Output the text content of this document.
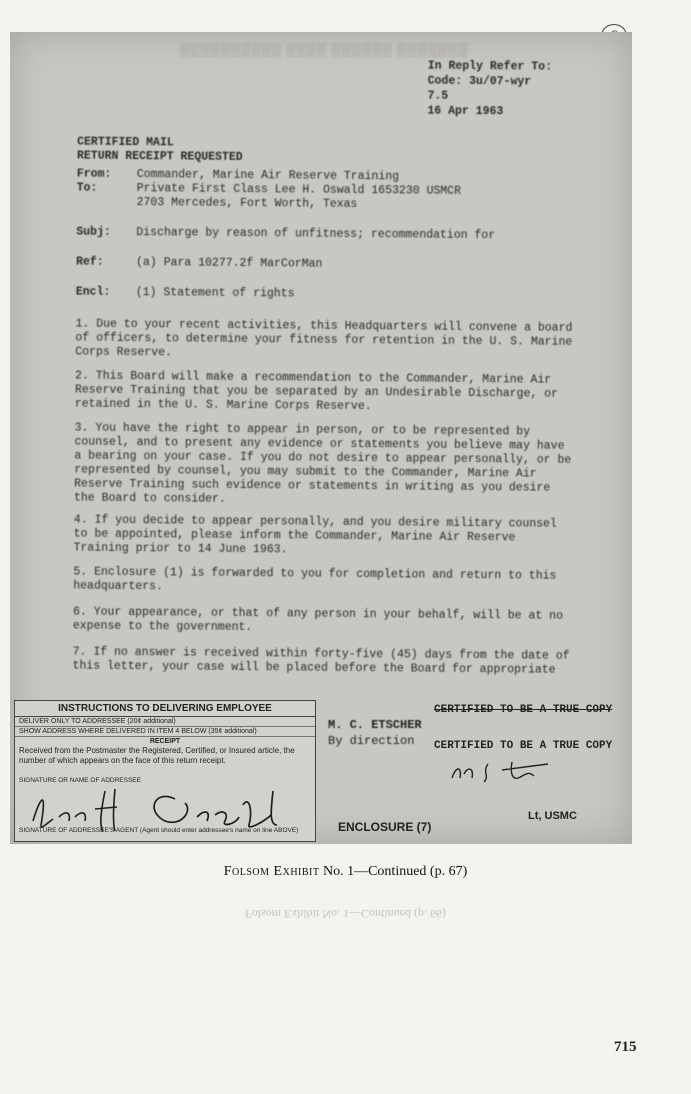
▒▒▒▒▒▒▒▒▒▒ ▒▒▒▒ ▒▒▒▒▒▒ ▒▒▒▒▒▒▒
In Reply Refer To:
Code: 3u/07-wyr
7.5
16 Apr 1963
CERTIFIED MAIL
RETURN RECEIPT REQUESTED
From:	Commander, Marine Air Reserve Training
To:	Private First Class Lee H. Oswald 1653230 USMCR
2703 Mercedes, Fort Worth, Texas
Subj:	Discharge by reason of unfitness; recommendation for
Ref:	(a) Para 10277.2f MarCorMan
Encl:	(1) Statement of rights
1. Due to your recent activities, this Headquarters will convene a board of officers, to determine your fitness for retention in the U. S. Marine Corps Reserve.
2. This Board will make a recommendation to the Commander, Marine Air Reserve Training that you be separated by an Undesirable Discharge, or retained in the U. S. Marine Corps Reserve.
3. You have the right to appear in person, or to be represented by counsel, and to present any evidence or statements you believe may have a bearing on your case. If you do not desire to appear personally, or be represented by counsel, you may submit to the Commander, Marine Air Reserve Training such evidence or statements in writing as you desire the Board to consider.
4. If you decide to appear personally, and you desire military counsel to be appointed, please inform the Commander, Marine Air Reserve Training prior to 14 June 1963.
5. Enclosure (1) is forwarded to you for completion and return to this headquarters.
6. Your appearance, or that of any person in your behalf, will be at no expense to the government.
7. If no answer is received within forty-five (45) days from the date of this letter, your case will be placed before the Board for appropriate
INSTRUCTIONS TO DELIVERING EMPLOYEE
DELIVER ONLY TO ADDRESSEE (20¢ additional)
SHOW ADDRESS WHERE DELIVERED IN ITEM 4 BELOW (35¢ additional)
RECEIPT
Received from the Postmaster the Registered, Certified, or Insured article, the number of which appears on the face of this return receipt.
SIGNATURE OR NAME OF ADDRESSEE
SIGNATURE OF ADDRESSEE'S AGENT (Agent should enter addressee's name on line ABOVE)
CERTIFIED TO BE A TRUE COPY
M. C. ETSCHER
By direction CERTIFIED TO BE A TRUE COPY
ENCLOSURE (7)
Lt, USMC
Folsom Exhibit No. 1—Continued (p. 67)
Folsom Exhibit No. 1—Continued (p. 66)
715
